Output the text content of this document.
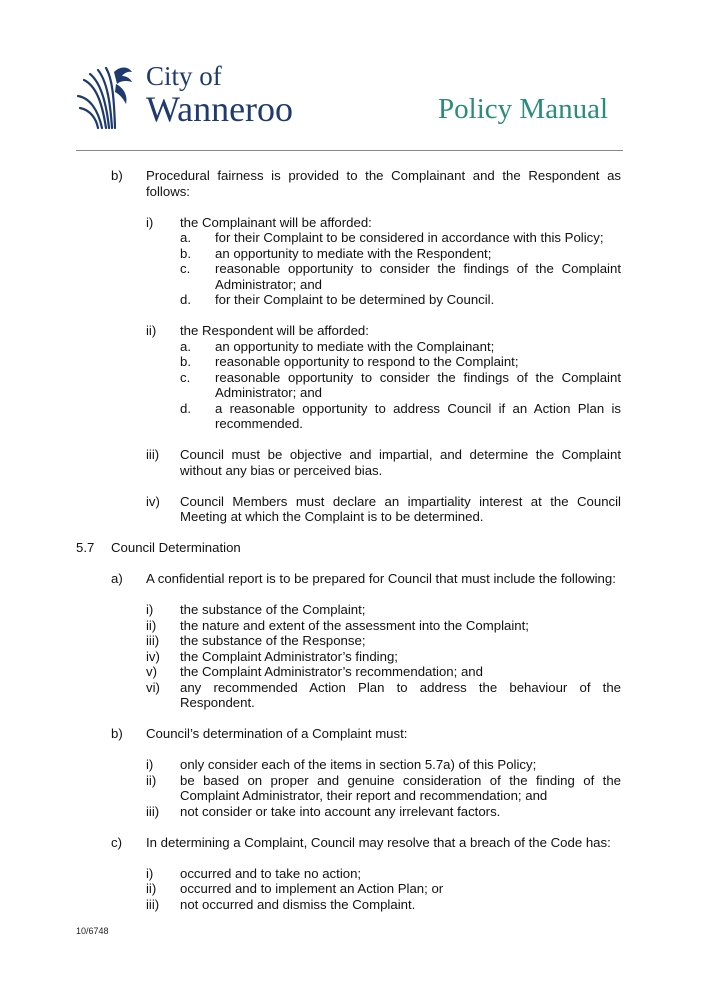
City of
Wanneroo	Policy Manual
b) Procedural fairness is provided to the Complainant and the Respondent as follows:
i) the Complainant will be afforded:
a. for their Complaint to be considered in accordance with this Policy;
b. an opportunity to mediate with the Respondent;
c. reasonable opportunity to consider the findings of the Complaint Administrator; and
d. for their Complaint to be determined by Council.
ii) the Respondent will be afforded:
a. an opportunity to mediate with the Complainant;
b. reasonable opportunity to respond to the Complaint;
c. reasonable opportunity to consider the findings of the Complaint Administrator; and
d. a reasonable opportunity to address Council if an Action Plan is recommended.
iii) Council must be objective and impartial, and determine the Complaint without any bias or perceived bias.
iv) Council Members must declare an impartiality interest at the Council Meeting at which the Complaint is to be determined.
5.7 Council Determination
a) A confidential report is to be prepared for Council that must include the following:
i) the substance of the Complaint;
ii) the nature and extent of the assessment into the Complaint;
iii) the substance of the Response;
iv) the Complaint Administrator’s finding;
v) the Complaint Administrator’s recommendation; and
vi) any recommended Action Plan to address the behaviour of the Respondent.
b) Council’s determination of a Complaint must:
i) only consider each of the items in section 5.7a) of this Policy;
ii) be based on proper and genuine consideration of the finding of the Complaint Administrator, their report and recommendation; and
iii) not consider or take into account any irrelevant factors.
c) In determining a Complaint, Council may resolve that a breach of the Code has:
i) occurred and to take no action;
ii) occurred and to implement an Action Plan; or
iii) not occurred and dismiss the Complaint.
10/6748
